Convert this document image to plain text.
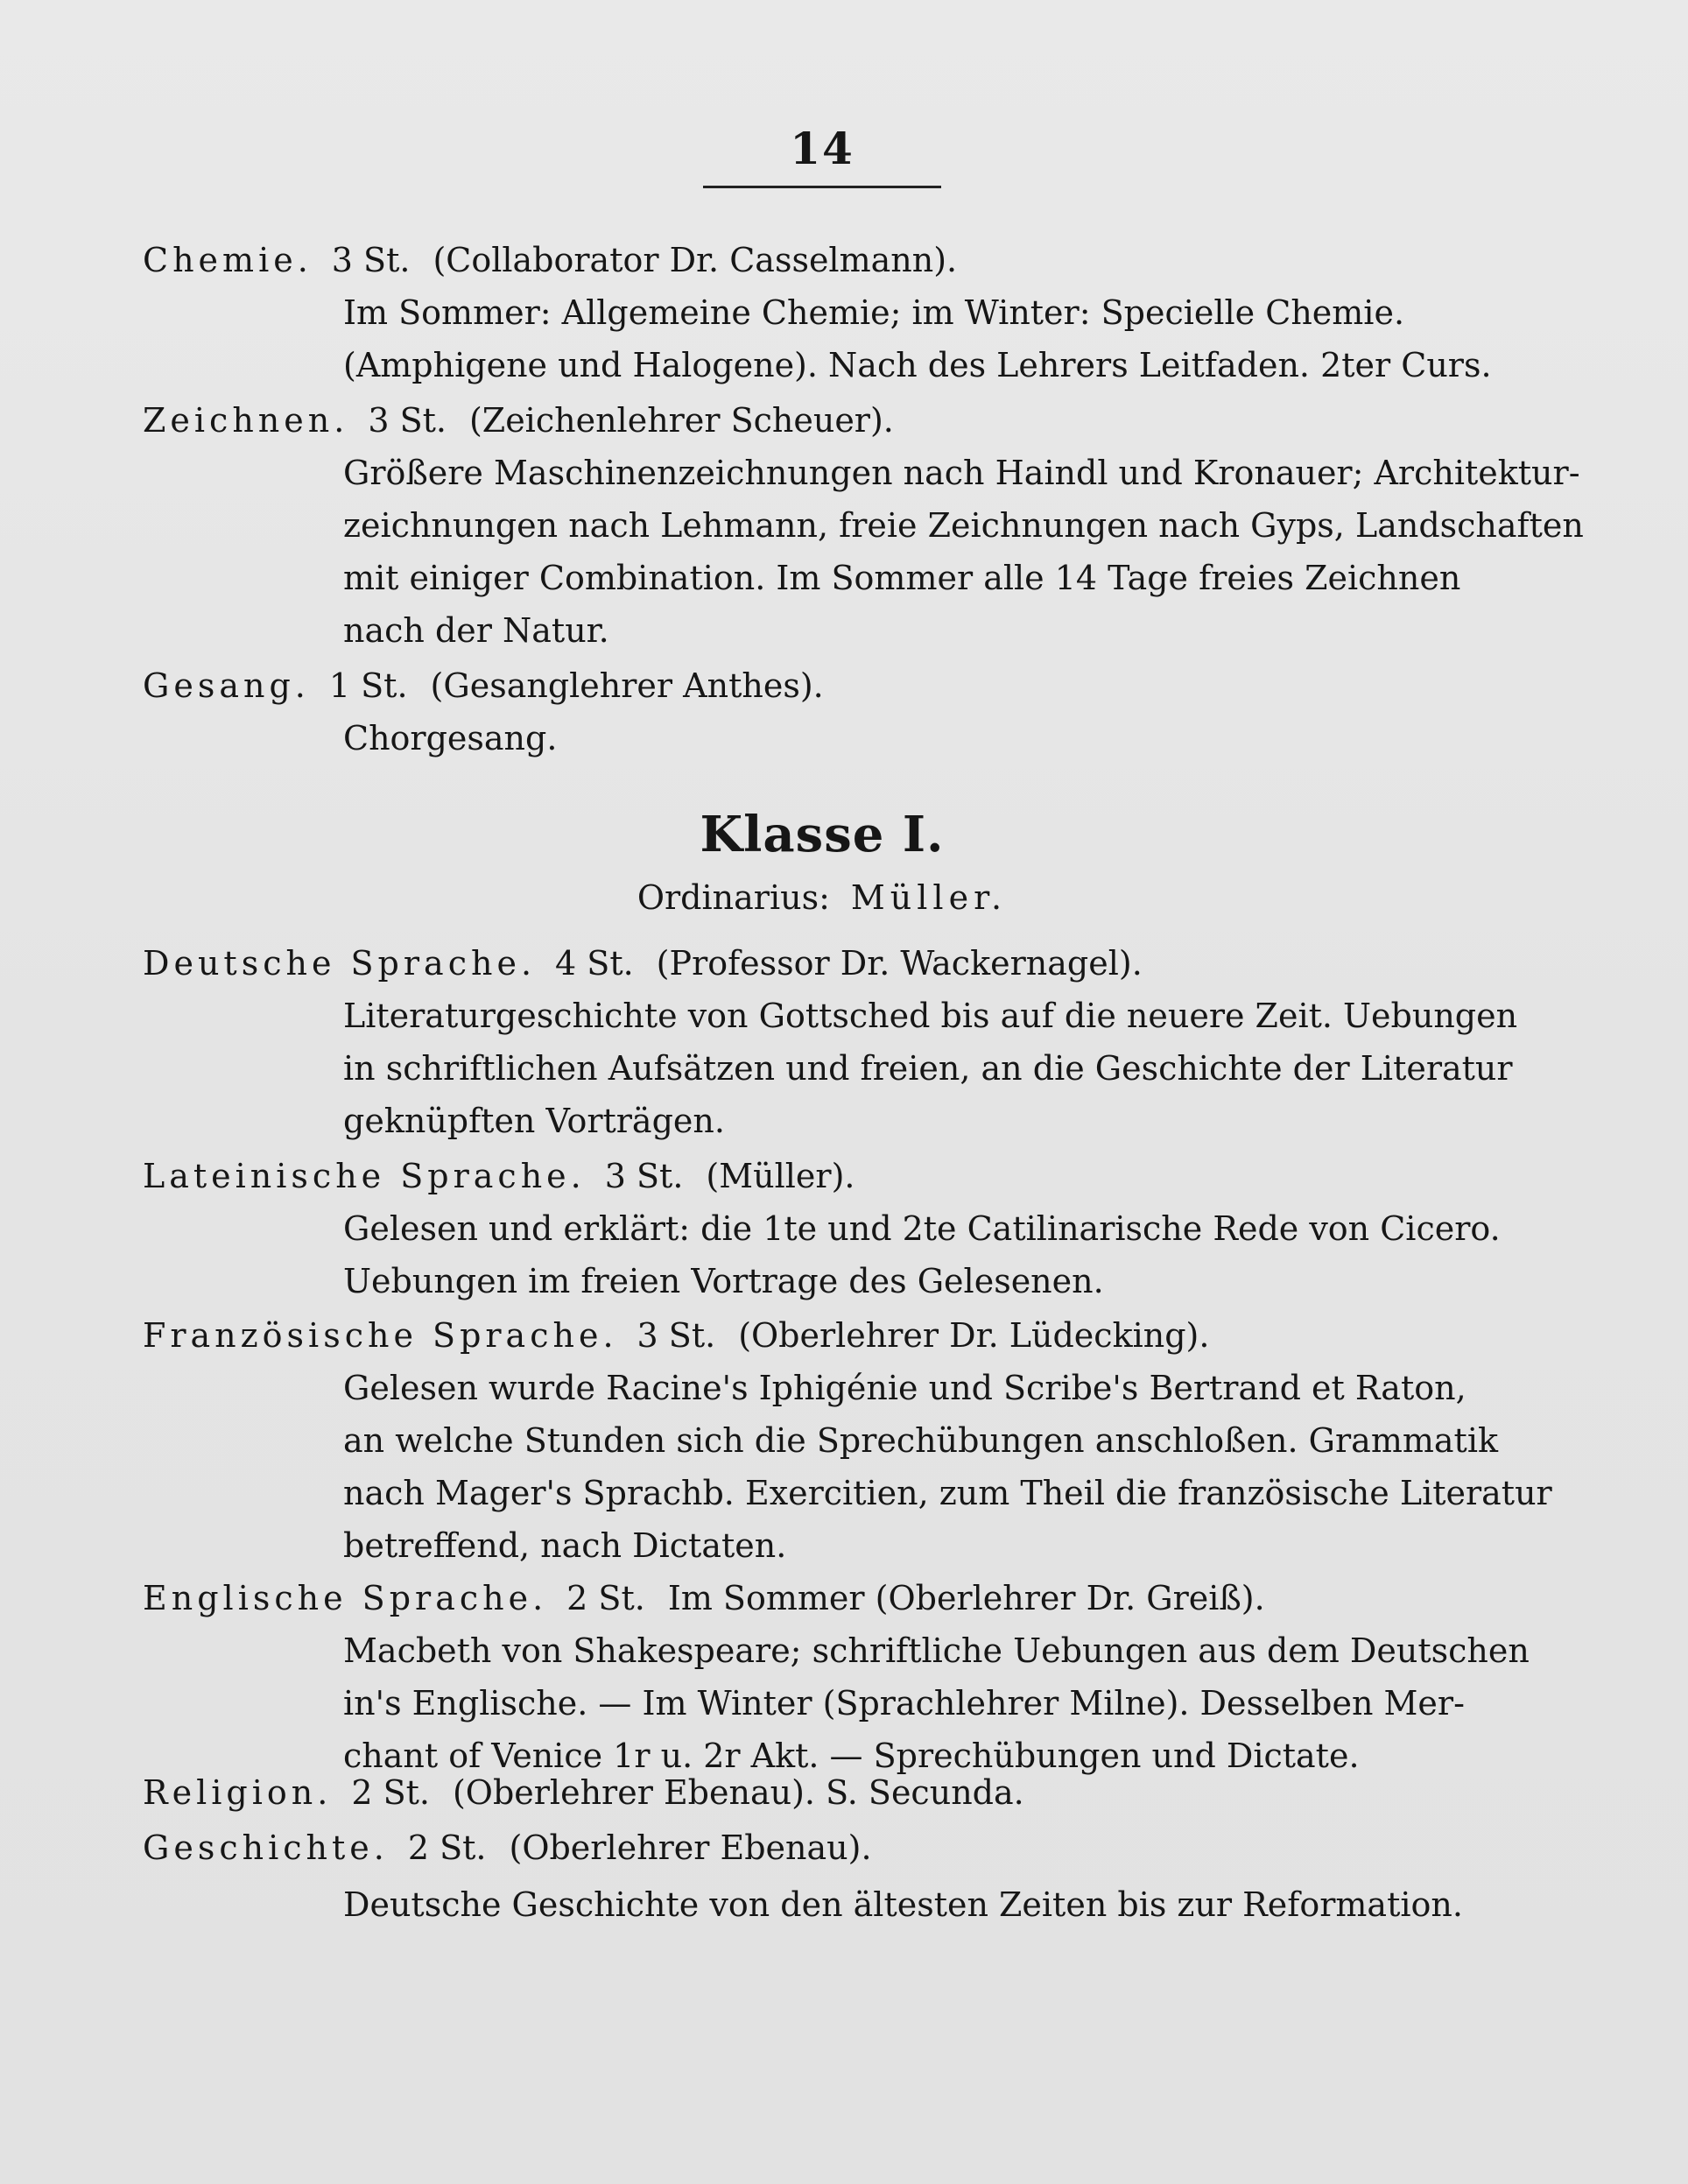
14
Chemie. 3 St. (Collaborator Dr. Casselmann).
Im Sommer: Allgemeine Chemie; im Winter: Specielle Chemie.
(Amphigene und Halogene). Nach des Lehrers Leitfaden. 2ter Curs.
Zeichnen. 3 St. (Zeichenlehrer Scheuer).
Größere Maschinenzeichnungen nach Haindl und Kronauer; Architektur-
zeichnungen nach Lehmann, freie Zeichnungen nach Gyps, Landschaften
mit einiger Combination. Im Sommer alle 14 Tage freies Zeichnen
nach der Natur.
Gesang. 1 St. (Gesanglehrer Anthes).
Chorgesang.
Klasse I.
Ordinarius: Müller.
Deutsche Sprache. 4 St. (Professor Dr. Wackernagel).
Literaturgeschichte von Gottsched bis auf die neuere Zeit. Uebungen
in schriftlichen Aufsätzen und freien, an die Geschichte der Literatur
geknüpften Vorträgen.
Lateinische Sprache. 3 St. (Müller).
Gelesen und erklärt: die 1te und 2te Catilinarische Rede von Cicero.
Uebungen im freien Vortrage des Gelesenen.
Französische Sprache. 3 St. (Oberlehrer Dr. Lüdecking).
Gelesen wurde Racine's Iphigénie und Scribe's Bertrand et Raton,
an welche Stunden sich die Sprechübungen anschloßen. Grammatik
nach Mager's Sprachb. Exercitien, zum Theil die französische Literatur
betreffend, nach Dictaten.
Englische Sprache. 2 St. Im Sommer (Oberlehrer Dr. Greiß).
Macbeth von Shakespeare; schriftliche Uebungen aus dem Deutschen
in's Englische. — Im Winter (Sprachlehrer Milne). Desselben Mer-
chant of Venice 1r u. 2r Akt. — Sprechübungen und Dictate.
Religion. 2 St. (Oberlehrer Ebenau). S. Secunda.
Geschichte. 2 St. (Oberlehrer Ebenau).
Deutsche Geschichte von den ältesten Zeiten bis zur Reformation.
